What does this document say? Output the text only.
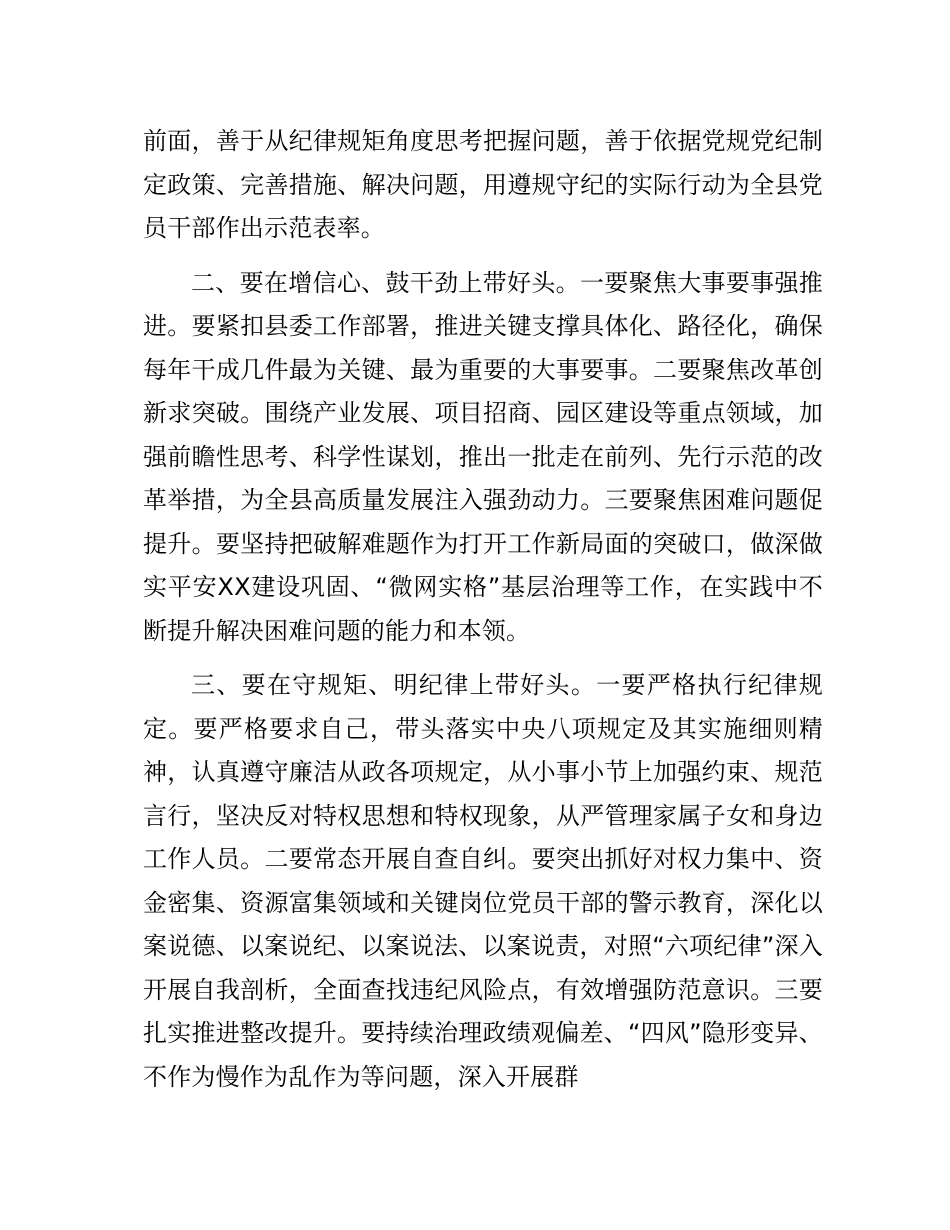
前面，善于从纪律规矩角度思考把握问题，善于依据党规党纪制定政策、完善措施、解决问题，用遵规守纪的实际行动为全县党员干部作出示范表率。

二、要在增信心、鼓干劲上带好头。一要聚焦大事要事强推进。要紧扣县委工作部署，推进关键支撑具体化、路径化，确保每年干成几件最为关键、最为重要的大事要事。二要聚焦改革创新求突破。围绕产业发展、项目招商、园区建设等重点领域，加强前瞻性思考、科学性谋划，推出一批走在前列、先行示范的改革举措，为全县高质量发展注入强劲动力。三要聚焦困难问题促提升。要坚持把破解难题作为打开工作新局面的突破口，做深做实平安XX建设巩固、“微网实格”基层治理等工作，在实践中不断提升解决困难问题的能力和本领。

三、要在守规矩、明纪律上带好头。一要严格执行纪律规定。要严格要求自己，带头落实中央八项规定及其实施细则精神，认真遵守廉洁从政各项规定，从小事小节上加强约束、规范言行，坚决反对特权思想和特权现象，从严管理家属子女和身边工作人员。二要常态开展自查自纠。要突出抓好对权力集中、资金密集、资源富集领域和关键岗位党员干部的警示教育，深化以案说德、以案说纪、以案说法、以案说责，对照“六项纪律”深入开展自我剖析，全面查找违纪风险点，有效增强防范意识。三要扎实推进整改提升。要持续治理政绩观偏差、“四风”隐形变异、不作为慢作为乱作为等问题，深入开展群
